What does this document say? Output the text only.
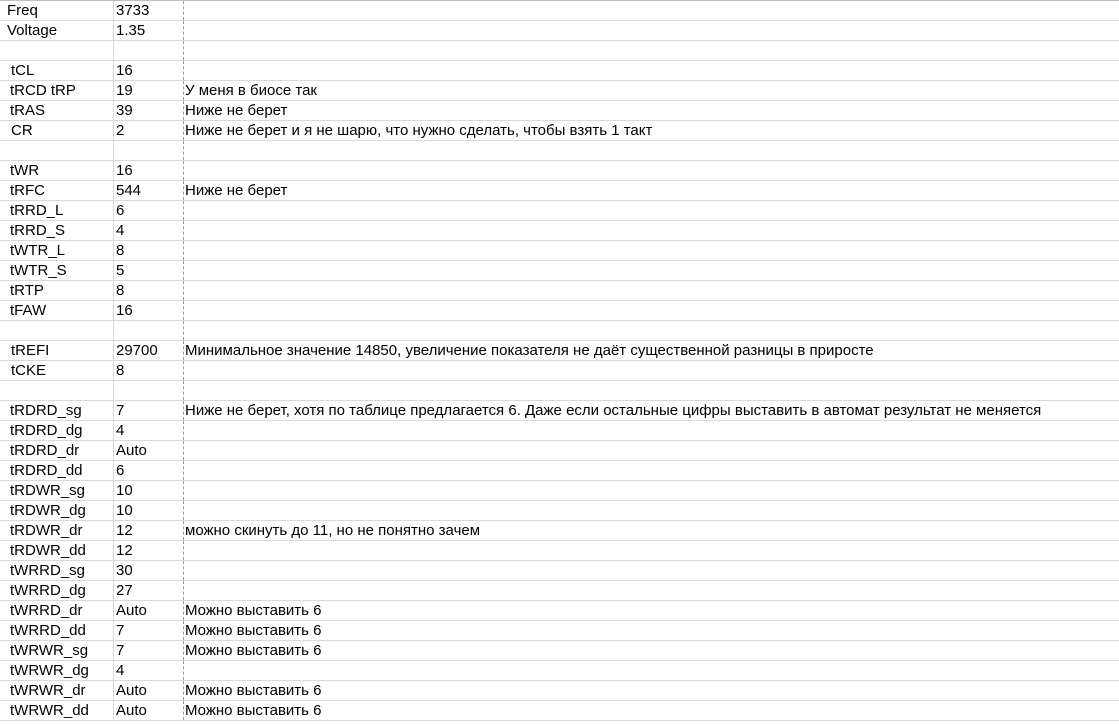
Freq	3733
Voltage	1.35
tCL	16
tRCD tRP	19	У меня в биосе так
tRAS	39	Ниже не берет
CR	2	Ниже не берет и я не шарю, что нужно сделать, чтобы взять 1 такт
tWR	16
tRFC	544	Ниже не берет
tRRD_L	6
tRRD_S	4
tWTR_L	8
tWTR_S	5
tRTP	8
tFAW	16
tREFI	29700	Минимальное значение 14850, увеличение показателя не даёт существенной разницы в приросте
tCKE	8
tRDRD_sg	7	Ниже не берет, хотя по таблице предлагается 6. Даже если остальные цифры выставить в автомат результат не меняется
tRDRD_dg	4
tRDRD_dr	Auto
tRDRD_dd	6
tRDWR_sg	10
tRDWR_dg	10
tRDWR_dr	12	можно скинуть до 11, но не понятно зачем
tRDWR_dd	12
tWRRD_sg	30
tWRRD_dg	27
tWRRD_dr	Auto	Можно выставить 6
tWRRD_dd	7	Можно выставить 6
tWRWR_sg	7	Можно выставить 6
tWRWR_dg	4
tWRWR_dr	Auto	Можно выставить 6
tWRWR_dd	Auto	Можно выставить 6
